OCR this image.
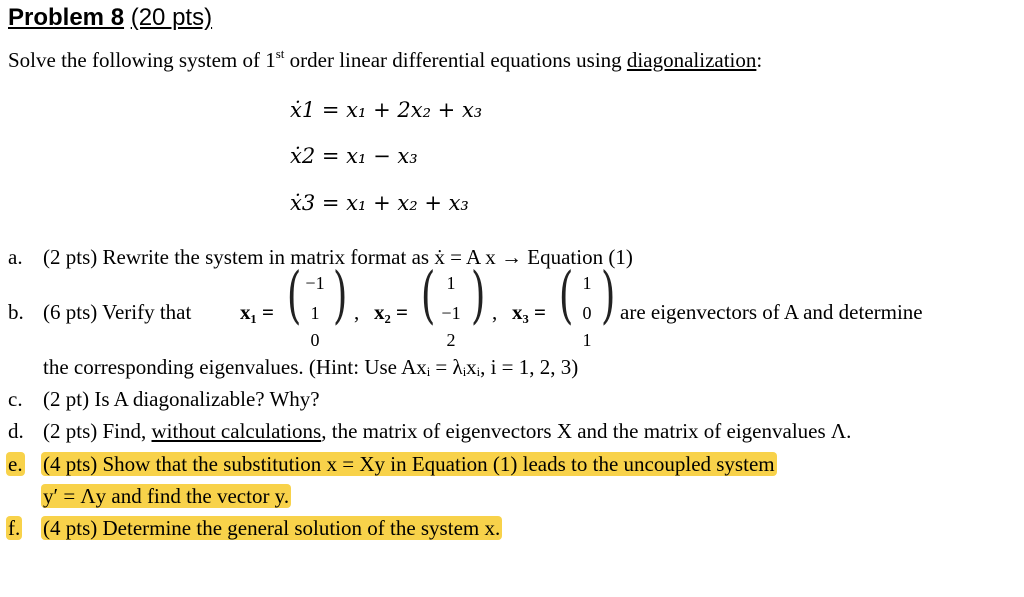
Problem 8 (20 pts)
Solve the following system of 1st order linear differential equations using diagonalization:
ẋ1 = x₁ + 2x₂ + x₃
ẋ2 = x₁ − x₃
ẋ3 = x₁ + x₂ + x₃
a. (2 pts) Rewrite the system in matrix format as ẋ = A x → Equation (1)
b. (6 pts) Verify that x₁ = ( −1
1
0
) , x₂ = ( 1
−1
2
) , x₃ = ( 1
0
1
) are eigenvectors of A and determine
the corresponding eigenvalues. (Hint: Use Axᵢ = λᵢxᵢ, i = 1, 2, 3)
c. (2 pt) Is A diagonalizable? Why?
d. (2 pts) Find, without calculations, the matrix of eigenvectors X and the matrix of eigenvalues Λ.
e. (4 pts) Show that the substitution x = Xy in Equation (1) leads to the uncoupled system
y′ = Λy and find the vector y.
f. (4 pts) Determine the general solution of the system x.
